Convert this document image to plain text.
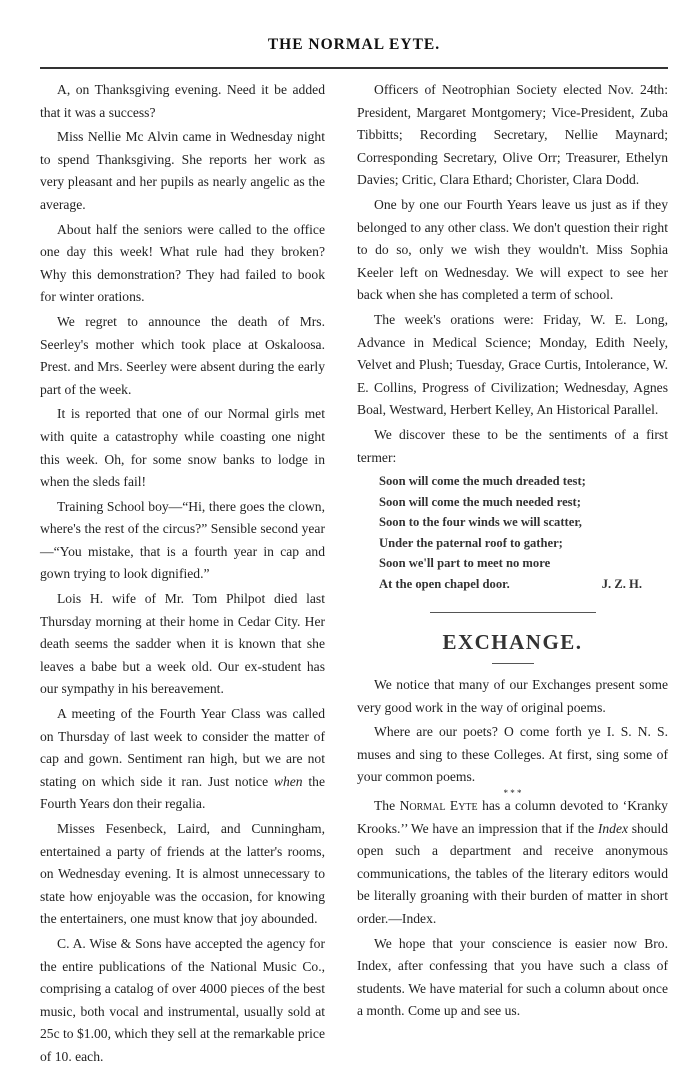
THE NORMAL EYTE.

A, on Thanksgiving evening. Need it be added that it was a success?

Miss Nellie Mc Alvin came in Wednesday night to spend Thanksgiving. She reports her work as very pleasant and her pupils as nearly angelic as the average.

About half the seniors were called to the office one day this week! What rule had they broken? Why this demonstration? They had failed to book for winter orations.

We regret to announce the death of Mrs. Seerley's mother which took place at Oskaloosa. Prest. and Mrs. Seerley were absent during the early part of the week.

It is reported that one of our Normal girls met with quite a catastrophy while coasting one night this week. Oh, for some snow banks to lodge in when the sleds fail!

Training School boy—“Hi, there goes the clown, where's the rest of the circus?” Sensible second year—“You mistake, that is a fourth year in cap and gown trying to look dignified.”

Lois H. wife of Mr. Tom Philpot died last Thursday morning at their home in Cedar City. Her death seems the sadder when it is known that she leaves a babe but a week old. Our ex-student has our sympathy in his bereavement.

A meeting of the Fourth Year Class was called on Thursday of last week to consider the matter of cap and gown. Sentiment ran high, but we are not stating on which side it ran. Just notice when the Fourth Years don their regalia.

Misses Fesenbeck, Laird, and Cunningham, entertained a party of friends at the latter's rooms, on Wednesday evening. It is almost unnecessary to state how enjoyable was the occasion, for knowing the entertainers, one must know that joy abounded.

C. A. Wise & Sons have accepted the agency for the entire publications of the National Music Co., comprising a catalog of over 4000 pieces of the best music, both vocal and instrumental, usually sold at 25c to $1.00, which they sell at the remarkable price of 10. each.

Officers of Neotrophian Society elected Nov. 24th: President, Margaret Montgomery; Vice-President, Zuba Tibbitts; Recording Secretary, Nellie Maynard; Corresponding Secretary, Olive Orr; Treasurer, Ethelyn Davies; Critic, Clara Ethard; Chorister, Clara Dodd.

One by one our Fourth Years leave us just as if they belonged to any other class. We don't question their right to do so, only we wish they wouldn't. Miss Sophia Keeler left on Wednesday. We will expect to see her back when she has completed a term of school.

The week's orations were: Friday, W. E. Long, Advance in Medical Science; Monday, Edith Neely, Velvet and Plush; Tuesday, Grace Curtis, Intolerance, W. E. Collins, Progress of Civilization; Wednesday, Agnes Boal, Westward, Herbert Kelley, An Historical Parallel.

We discover these to be the sentiments of a first termer:

Soon will come the much dreaded test;
Soon will come the much needed rest;
Soon to the four winds we will scatter,
Under the paternal roof to gather;
Soon we'll part to meet no more
At the open chapel door.	J. Z. H.
EXCHANGE.

We notice that many of our Exchanges present some very good work in the way of original poems.

Where are our poets? O come forth ye I. S. N. S. muses and sing to these Colleges. At first, sing some of your common poems.

* * *

The Normal Eyte has a column devoted to ‘Kranky Krooks.’’ We have an impression that if the Index should open such a department and receive anonymous communications, the tables of the literary editors would be literally groaning with their burden of matter in short order.—Index.

We hope that your conscience is easier now Bro. Index, after confessing that you have such a class of students. We have material for such a column about once a month. Come up and see us.
